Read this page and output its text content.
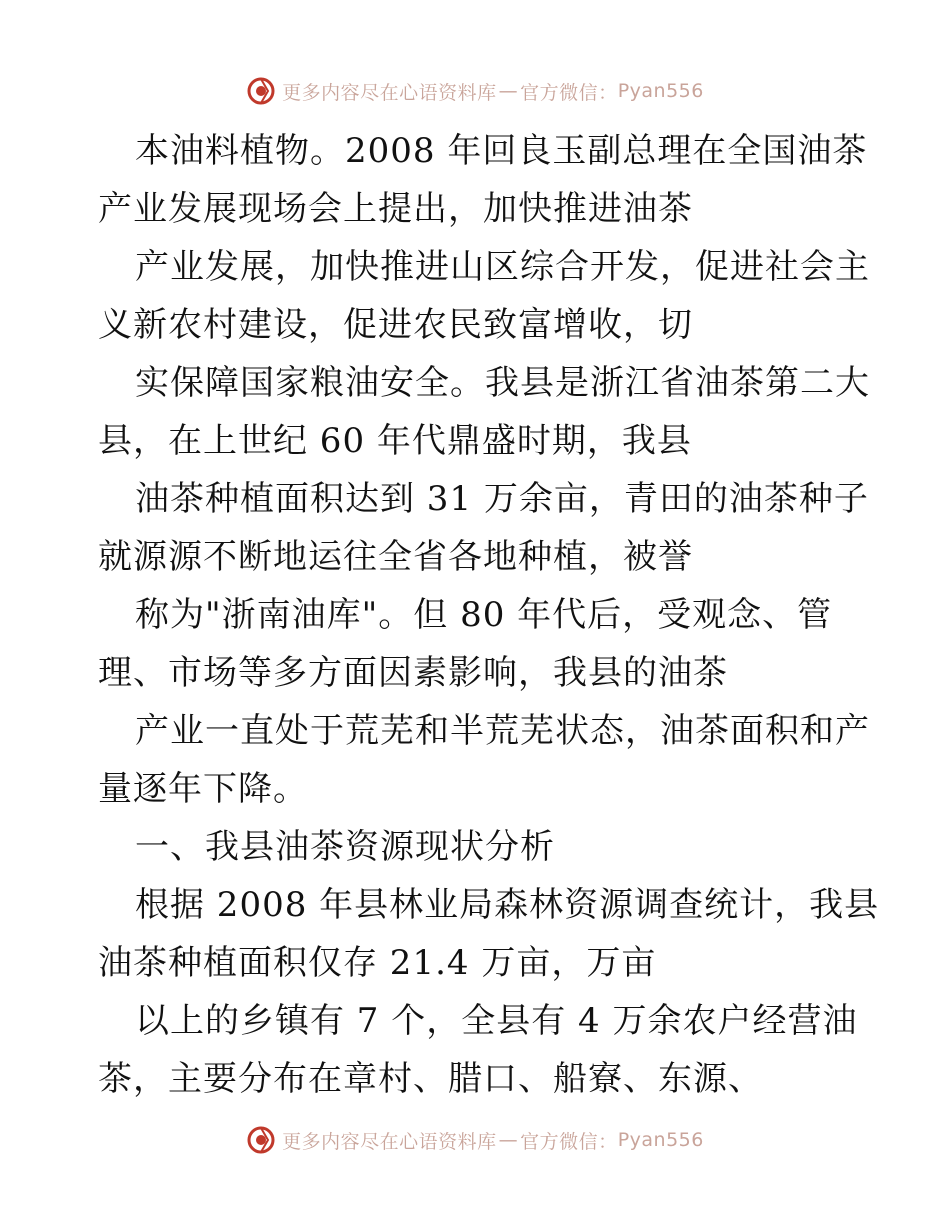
更多内容尽在心语资料库 — 官方微信： Pyan556
本油料植物。2008 年回良玉副总理在全国油茶
产业发展现场会上提出，加快推进油茶
产业发展，加快推进山区综合开发，促进社会主
义新农村建设，促进农民致富增收，切
实保障国家粮油安全。我县是浙江省油茶第二大
县，在上世纪 60 年代鼎盛时期，我县
油茶种植面积达到 31 万余亩，青田的油茶种子
就源源不断地运往全省各地种植，被誉
称为"浙南油库"。但 80 年代后，受观念、管
理、市场等多方面因素影响，我县的油茶
产业一直处于荒芜和半荒芜状态，油茶面积和产
量逐年下降。
一、我县油茶资源现状分析
根据 2008 年县林业局森林资源调查统计，我县
油茶种植面积仅存 21.4 万亩，万亩
以上的乡镇有 7 个，全县有 4 万余农户经营油
茶，主要分布在章村、腊口、船寮、东源、
更多内容尽在心语资料库 — 官方微信： Pyan556
